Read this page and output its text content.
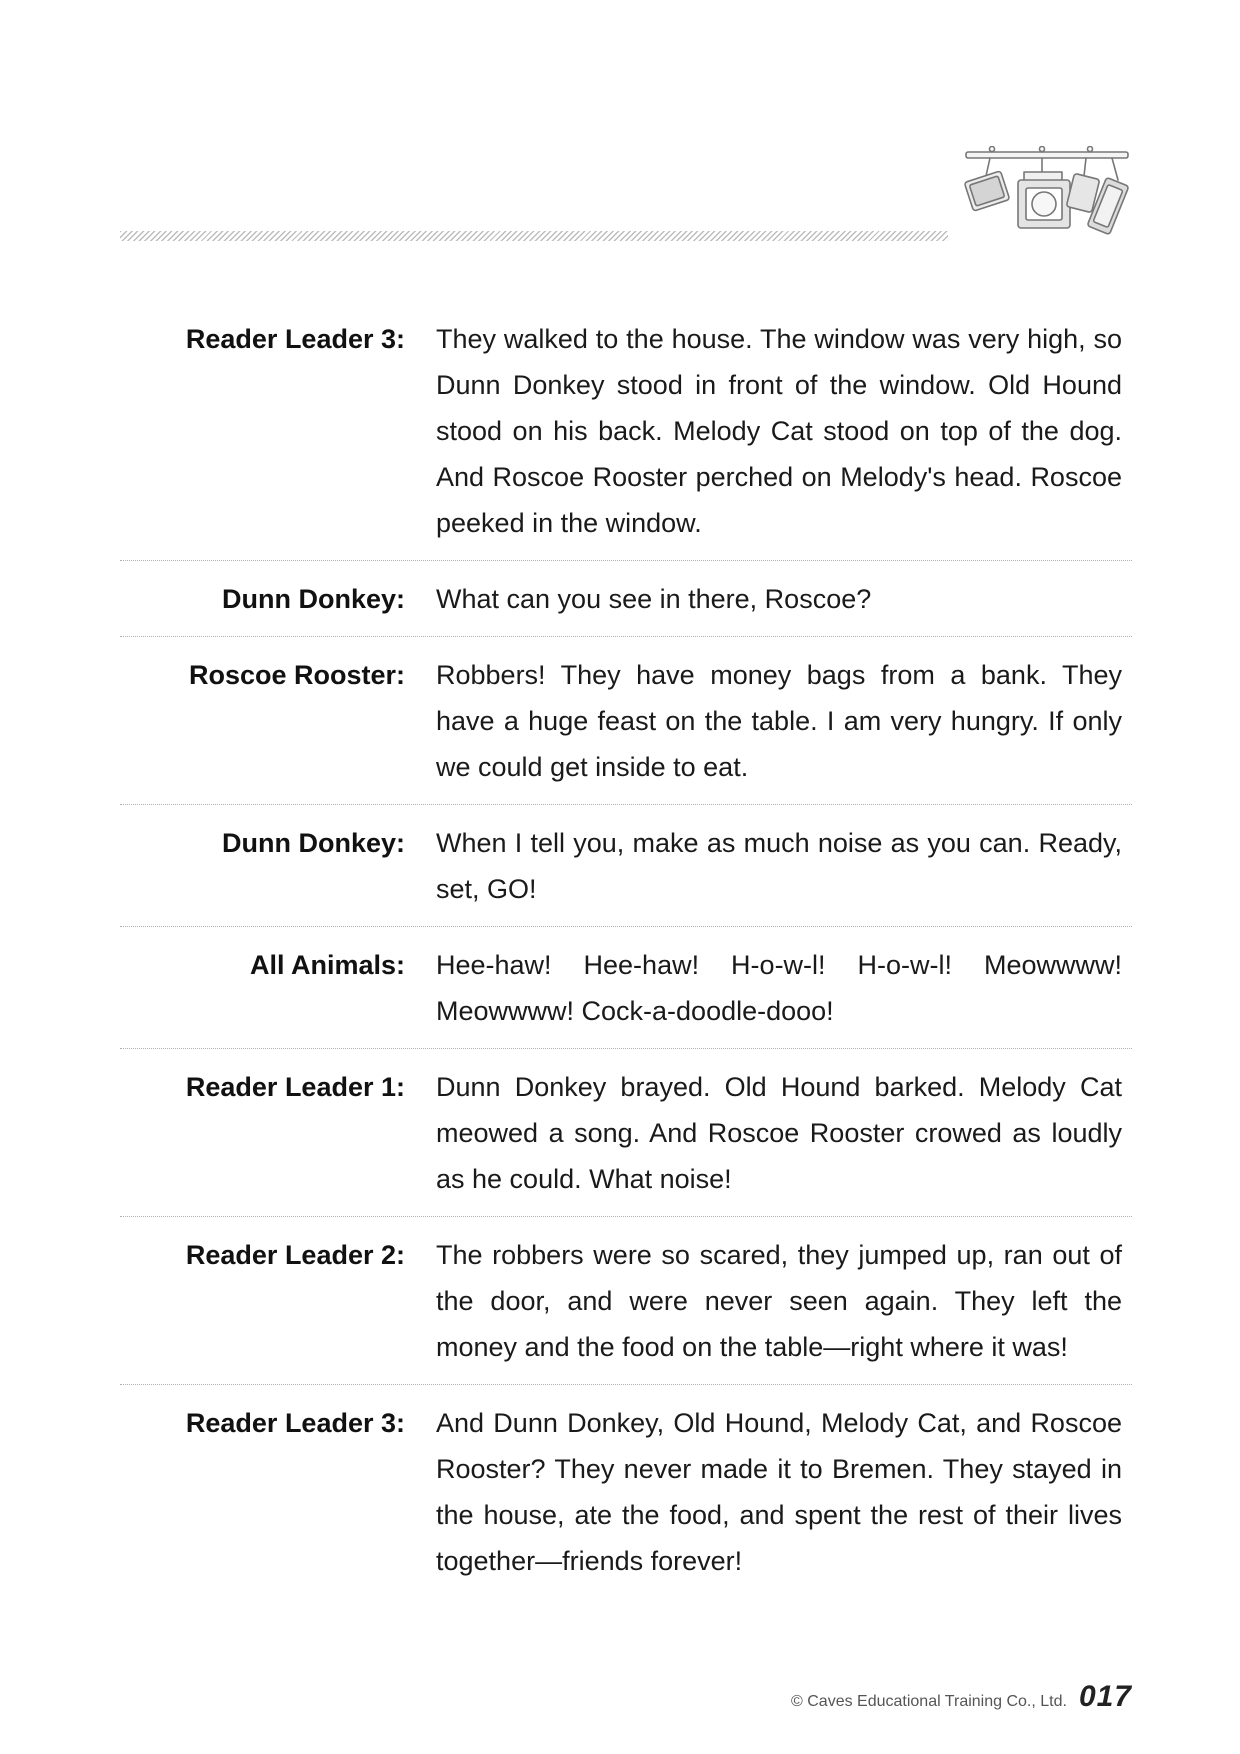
Reader Leader 3: They walked to the house. The window was very high, so Dunn Donkey stood in front of the window. Old Hound stood on his back. Melody Cat stood on top of the dog. And Roscoe Rooster perched on Melody's head. Roscoe peeked in the window.
Dunn Donkey: What can you see in there, Roscoe?
Roscoe Rooster: Robbers! They have money bags from a bank. They have a huge feast on the table. I am very hungry. If only we could get inside to eat.
Dunn Donkey: When I tell you, make as much noise as you can. Ready, set, GO!
All Animals: Hee-haw! Hee-haw! H-o-w-l! H-o-w-l! Meowwww! Meowwww! Cock-a-doodle-dooo!
Reader Leader 1: Dunn Donkey brayed. Old Hound barked. Melody Cat meowed a song. And Roscoe Rooster crowed as loudly as he could. What noise!
Reader Leader 2: The robbers were so scared, they jumped up, ran out of the door, and were never seen again. They left the money and the food on the table—right where it was!
Reader Leader 3: And Dunn Donkey, Old Hound, Melody Cat, and Roscoe Rooster? They never made it to Bremen. They stayed in the house, ate the food, and spent the rest of their lives together—friends forever!
© Caves Educational Training Co., Ltd. 017
